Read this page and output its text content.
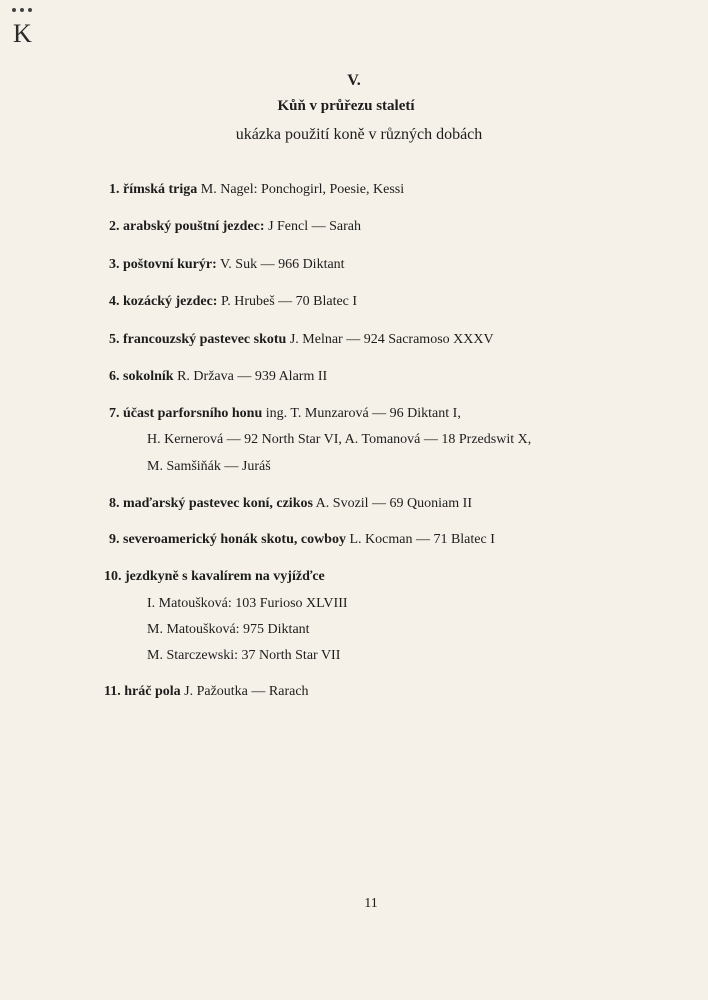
K
V.
Kůň v průřezu staletí
ukázka použití koně v různých dobách
1. římská triga M. Nagel: Ponchogirl, Poesie, Kessi
2. arabský pouštní jezdec: J Fencl — Sarah
3. poštovní kurýr: V. Suk — 966 Diktant
4. kozácký jezdec: P. Hrubeš — 70 Blatec I
5. francouzský pastevec skotu J. Melnar — 924 Sacramoso XXXV
6. sokolník R. Država — 939 Alarm II
7. účast parforsního honu ing. T. Munzarová — 96 Diktant I,
H. Kernerová — 92 North Star VI, A. Tomanová — 18 Przedswit X,
M. Samšiňák — Juráš
8. maďarský pastevec koní, czikos A. Svozil — 69 Quoniam II
9. severoamerický honák skotu, cowboy L. Kocman — 71 Blatec I
10. jezdkyně s kavalírem na vyjížďce
I. Matoušková: 103 Furioso XLVIII
M. Matoušková: 975 Diktant
M. Starczewski: 37 North Star VII
11. hráč pola J. Pažoutka — Rarach
11
